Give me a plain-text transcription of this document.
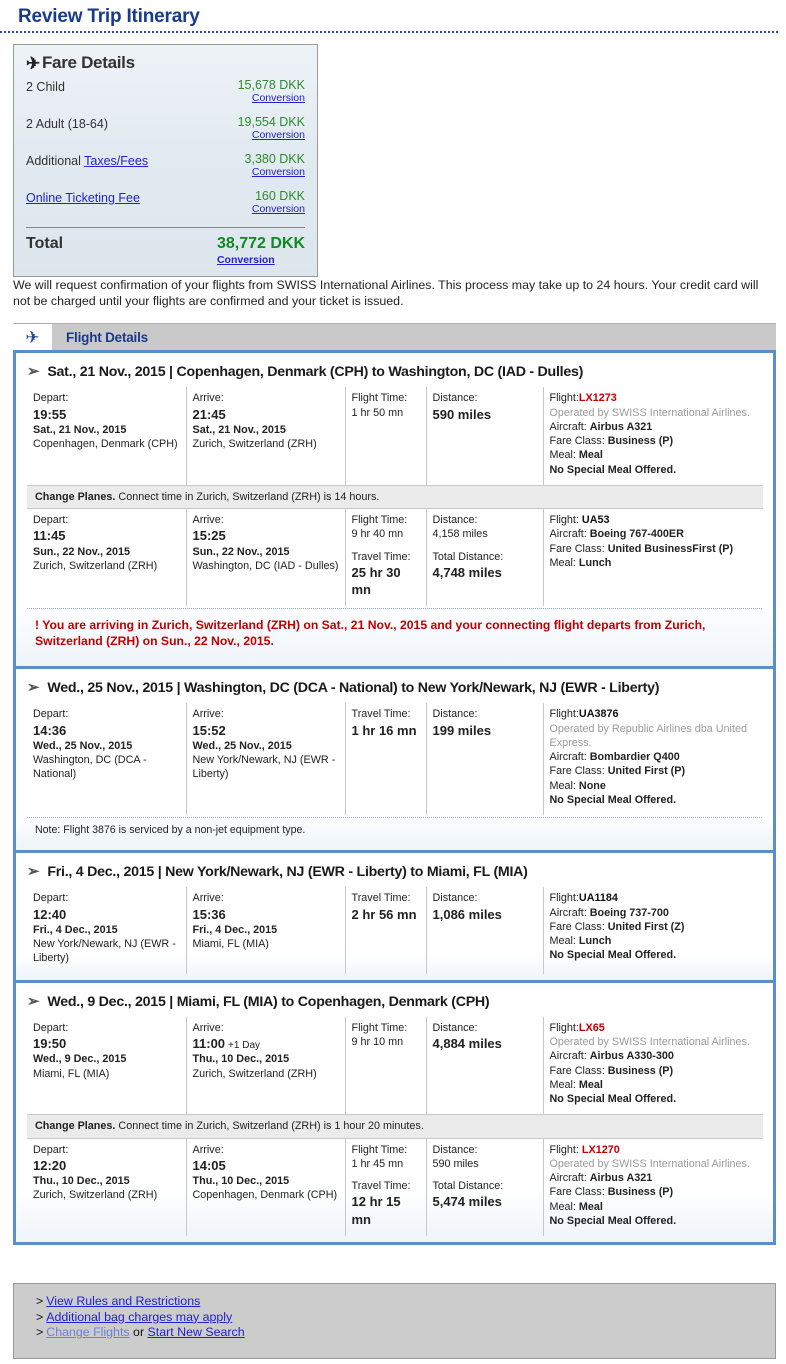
Review Trip Itinerary
✈ Fare Details
2 Child	15,678 DKK
Conversion
2 Adult (18-64)	19,554 DKK
Conversion
Additional Taxes/Fees	3,380 DKK
Conversion
Online Ticketing Fee	160 DKK
Conversion
Total	38,772 DKK
Conversion
We will request confirmation of your flights from SWISS International Airlines. This process may take up to 24 hours. Your credit card will not be charged until your flights are confirmed and your ticket is issued.
✈	Flight Details
➢ Sat., 21 Nov., 2015 | Copenhagen, Denmark (CPH) to Washington, DC (IAD - Dulles)
Depart:
19:55
Sat., 21 Nov., 2015
Copenhagen, Denmark (CPH)	Arrive:
21:45
Sat., 21 Nov., 2015
Zurich, Switzerland (ZRH)	Flight Time:
1 hr 50 mn	Distance:
590 miles	Flight:LX1273
Operated by SWISS International Airlines.
Aircraft: Airbus A321
Fare Class: Business (P)
Meal: Meal
No Special Meal Offered.
Change Planes. Connect time in Zurich, Switzerland (ZRH) is 14 hours.				
Depart:
11:45
Sun., 22 Nov., 2015
Zurich, Switzerland (ZRH)	Arrive:
15:25
Sun., 22 Nov., 2015
Washington, DC (IAD - Dulles)	Flight Time:
9 hr 40 mn
Travel Time:
25 hr 30 mn	Distance:
4,158 miles
Total Distance:
4,748 miles	Flight: UA53
Aircraft: Boeing 767-400ER
Fare Class: United BusinessFirst (P)
Meal: Lunch
! You are arriving in Zurich, Switzerland (ZRH) on Sat., 21 Nov., 2015 and your connecting flight departs from Zurich, Switzerland (ZRH) on Sun., 22 Nov., 2015.
➢ Wed., 25 Nov., 2015 | Washington, DC (DCA - National) to New York/Newark, NJ (EWR - Liberty)
Depart:
14:36
Wed., 25 Nov., 2015
Washington, DC (DCA - National)	Arrive:
15:52
Wed., 25 Nov., 2015
New York/Newark, NJ (EWR - Liberty)	Travel Time:
1 hr 16 mn	Distance:
199 miles	Flight:UA3876
Operated by Republic Airlines dba United Express.
Aircraft: Bombardier Q400
Fare Class: United First (P)
Meal: None
No Special Meal Offered.
Note: Flight 3876 is serviced by a non-jet equipment type.
➢ Fri., 4 Dec., 2015 | New York/Newark, NJ (EWR - Liberty) to Miami, FL (MIA)
Depart:
12:40
Fri., 4 Dec., 2015
New York/Newark, NJ (EWR - Liberty)	Arrive:
15:36
Fri., 4 Dec., 2015
Miami, FL (MIA)	Travel Time:
2 hr 56 mn	Distance:
1,086 miles	Flight:UA1184
Aircraft: Boeing 737-700
Fare Class: United First (Z)
Meal: Lunch
No Special Meal Offered.
➢ Wed., 9 Dec., 2015 | Miami, FL (MIA) to Copenhagen, Denmark (CPH)
Depart:
19:50
Wed., 9 Dec., 2015
Miami, FL (MIA)	Arrive:
11:00 +1 Day
Thu., 10 Dec., 2015
Zurich, Switzerland (ZRH)	Flight Time:
9 hr 10 mn	Distance:
4,884 miles	Flight:LX65
Operated by SWISS International Airlines.
Aircraft: Airbus A330-300
Fare Class: Business (P)
Meal: Meal
No Special Meal Offered.
Change Planes. Connect time in Zurich, Switzerland (ZRH) is 1 hour 20 minutes.				
Depart:
12:20
Thu., 10 Dec., 2015
Zurich, Switzerland (ZRH)	Arrive:
14:05
Thu., 10 Dec., 2015
Copenhagen, Denmark (CPH)	Flight Time:
1 hr 45 mn
Travel Time:
12 hr 15 mn	Distance:
590 miles
Total Distance:
5,474 miles	Flight: LX1270
Operated by SWISS International Airlines.
Aircraft: Airbus A321
Fare Class: Business (P)
Meal: Meal
No Special Meal Offered.
> View Rules and Restrictions
> Additional bag charges may apply
> Change Flights or Start New Search
